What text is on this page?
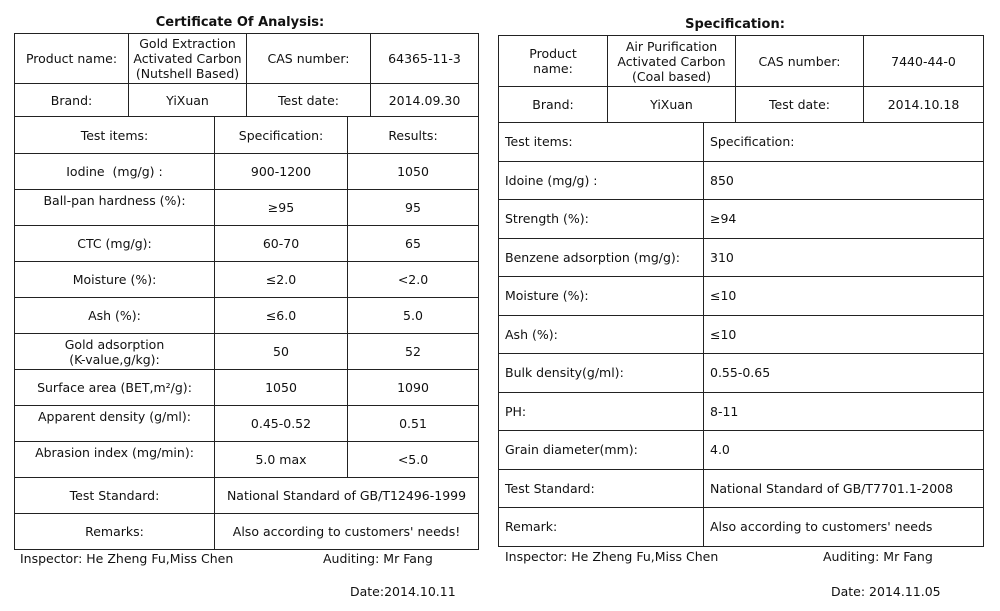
Certificate Of Analysis:
Product name:	Gold Extraction
Activated Carbon
(Nutshell Based)	CAS number:	64365-11-3
Brand:	YiXuan	Test date:	2014.09.30
Test items:	Specification:	Results:
Iodine  (mg/g) :	900-1200	1050
Ball-pan hardness (%):	≥95	95
CTC (mg/g):	60-70	65
Moisture (%):	≤2.0	<2.0
Ash (%):	≤6.0	5.0
Gold adsorption
(K-value,g/kg):	50	52
Surface area (BET,m²/g):	1050	1090
Apparent density (g/ml):	0.45-0.52	0.51
Abrasion index (mg/min):	5.0 max	<5.0
Test Standard:	National Standard of GB/T12496-1999	
Remarks:	Also according to customers' needs!	
Inspector: He Zheng Fu,Miss Chen	Auditing: Mr Fang
Date:2014.10.11
Specification:
Product
name:	Air Purification
Activated Carbon
(Coal based)	CAS number:	7440-44-0
Brand:	YiXuan	Test date:	2014.10.18
Test items:	Specification:
Idoine (mg/g) :	850
Strength (%):	≥94
Benzene adsorption (mg/g):	310
Moisture (%):	≤10
Ash (%):	≤10
Bulk density(g/ml):	0.55-0.65
PH:	8-11
Grain diameter(mm):	4.0
Test Standard:	National Standard of GB/T7701.1-2008
Remark:	Also according to customers' needs
Inspector: He Zheng Fu,Miss Chen	Auditing: Mr Fang
Date: 2014.11.05
